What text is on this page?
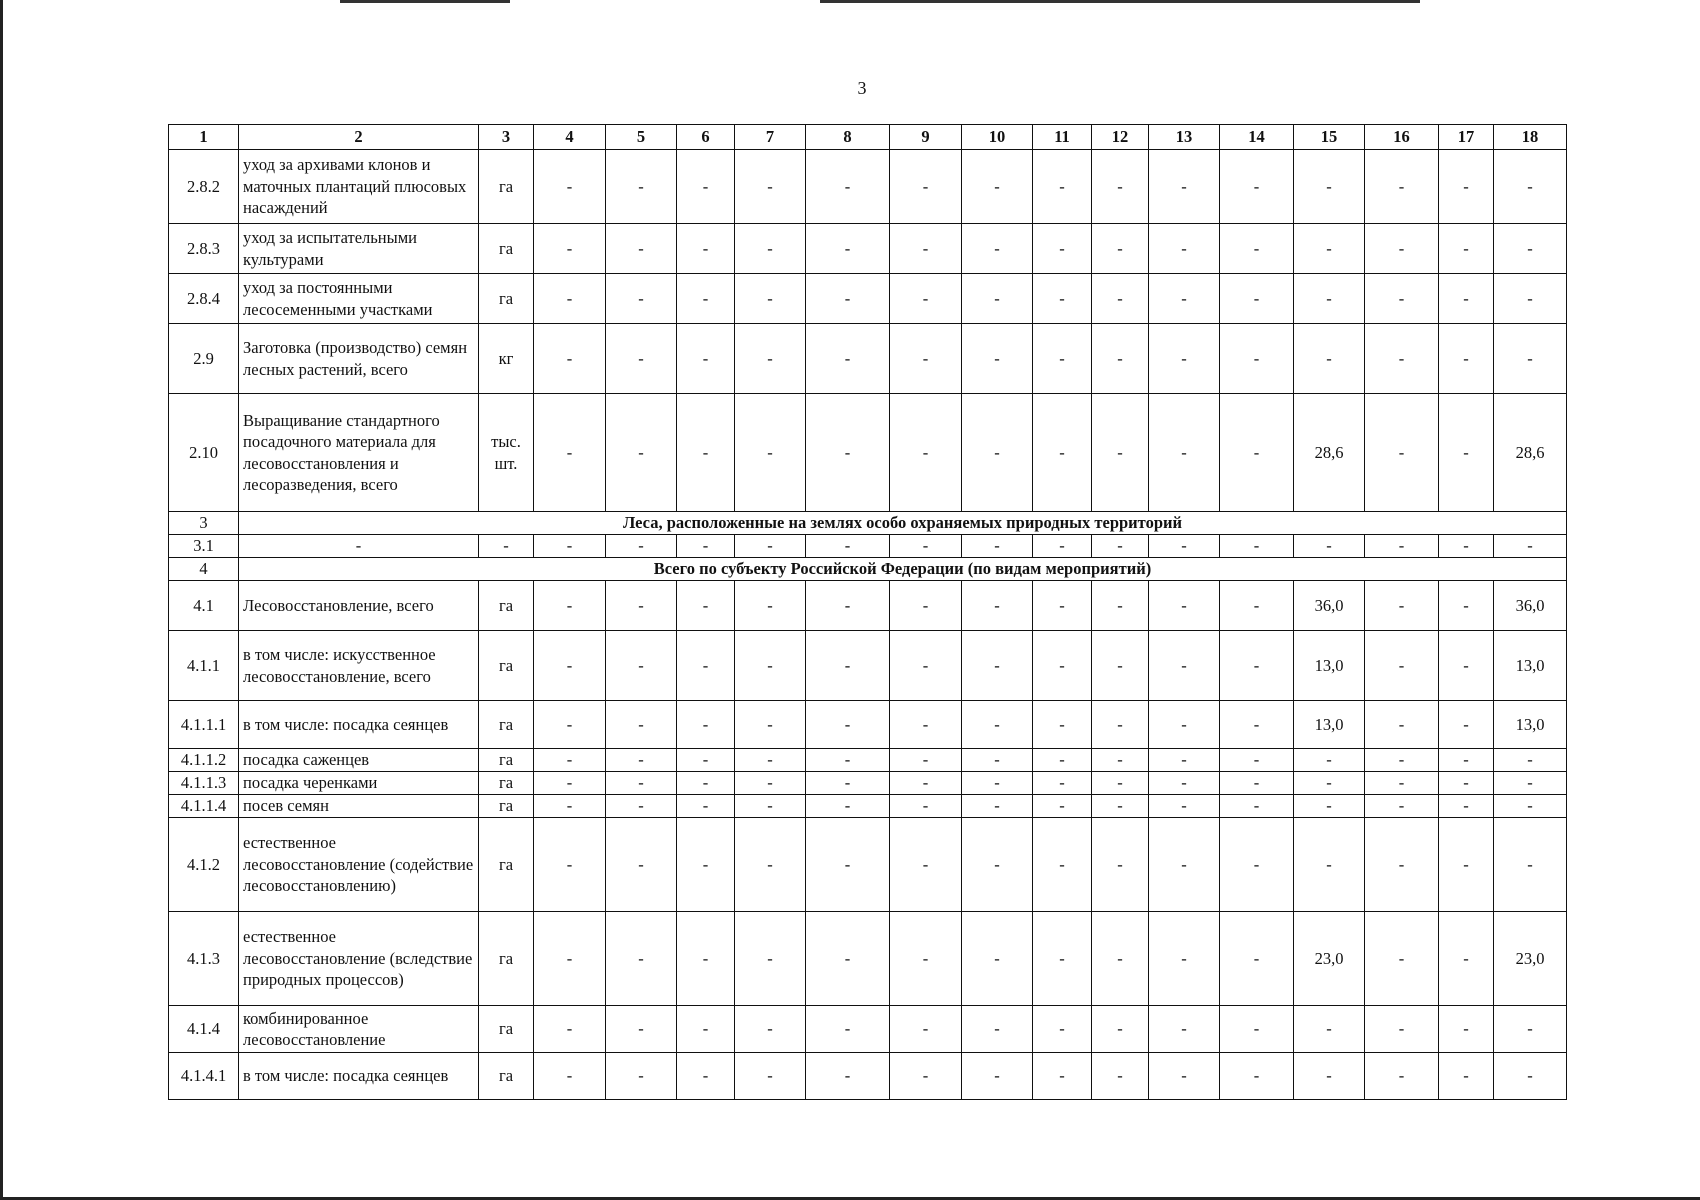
3
1	2	3	4	5	6	7	8	9	10	11	12	13	14	15	16	17	18
2.8.2	уход за архивами клонов и маточных плантаций плюсовых насаждений	га	-	-	-	-	-	-	-	-	-	-	-	-	-	-	-
2.8.3	уход за испытательными культурами	га	-	-	-	-	-	-	-	-	-	-	-	-	-	-	-
2.8.4	уход за постоянными лесосеменными участками	га	-	-	-	-	-	-	-	-	-	-	-	-	-	-	-
2.9	Заготовка (производство) семян лесных растений, всего	кг	-	-	-	-	-	-	-	-	-	-	-	-	-	-	-
2.10	Выращивание стандартного посадочного материала для лесовосстановления и лесоразведения, всего	тыс. шт.	-	-	-	-	-	-	-	-	-	-	-	28,6	-	-	28,6
3	Леса, расположенные на землях особо охраняемых природных территорий																
3.1	-	-	-	-	-	-	-	-	-	-	-	-	-	-	-	-	-
4	Всего по субъекту Российской Федерации (по видам мероприятий)																
4.1	Лесовосстановление, всего	га	-	-	-	-	-	-	-	-	-	-	-	36,0	-	-	36,0
4.1.1	в том числе: искусственное лесовосстановление, всего	га	-	-	-	-	-	-	-	-	-	-	-	13,0	-	-	13,0
4.1.1.1	в том числе: посадка сеянцев	га	-	-	-	-	-	-	-	-	-	-	-	13,0	-	-	13,0
4.1.1.2	посадка саженцев	га	-	-	-	-	-	-	-	-	-	-	-	-	-	-	-
4.1.1.3	посадка черенками	га	-	-	-	-	-	-	-	-	-	-	-	-	-	-	-
4.1.1.4	посев семян	га	-	-	-	-	-	-	-	-	-	-	-	-	-	-	-
4.1.2	естественное лесовосстановление (содействие лесовосстановлению)	га	-	-	-	-	-	-	-	-	-	-	-	-	-	-	-
4.1.3	естественное лесовосстановление (вследствие природных процессов)	га	-	-	-	-	-	-	-	-	-	-	-	23,0	-	-	23,0
4.1.4	комбинированное лесовосстановление	га	-	-	-	-	-	-	-	-	-	-	-	-	-	-	-
4.1.4.1	в том числе: посадка сеянцев	га	-	-	-	-	-	-	-	-	-	-	-	-	-	-	-
